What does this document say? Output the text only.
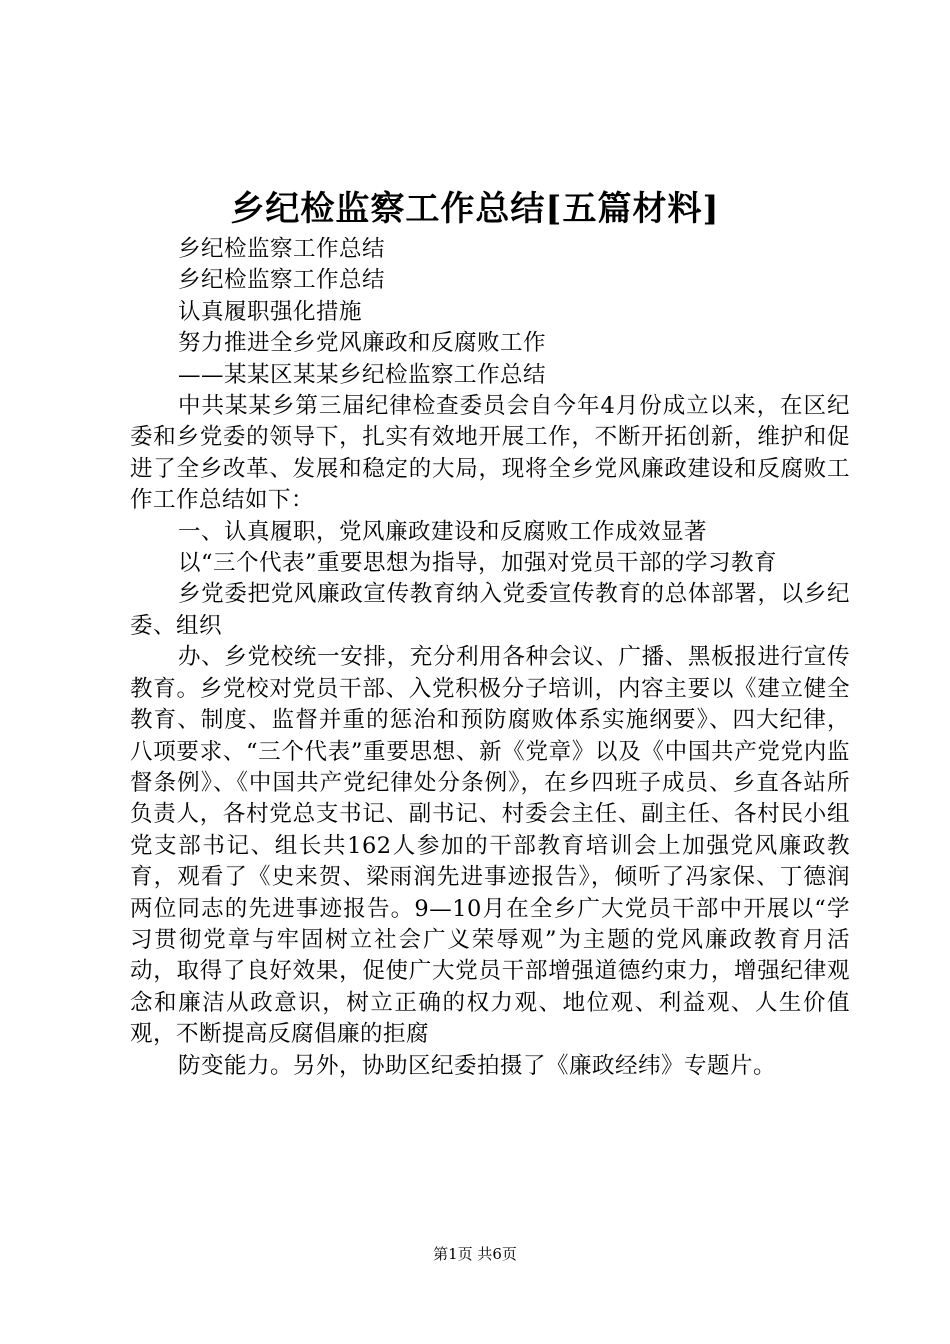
乡纪检监察工作总结[五篇材料]

乡纪检监察工作总结

乡纪检监察工作总结

认真履职强化措施

努力推进全乡党风廉政和反腐败工作

——某某区某某乡纪检监察工作总结

中共某某乡第三届纪律检查委员会自今年4月份成立以来，在区纪委和乡党委的领导下，扎实有效地开展工作，不断开拓创新，维护和促进了全乡改革、发展和稳定的大局，现将全乡党风廉政建设和反腐败工作工作总结如下：

一、认真履职，党风廉政建设和反腐败工作成效显著

以“三个代表”重要思想为指导，加强对党员干部的学习教育

乡党委把党风廉政宣传教育纳入党委宣传教育的总体部署，以乡纪委、组织

办、乡党校统一安排，充分利用各种会议、广播、黑板报进行宣传教育。乡党校对党员干部、入党积极分子培训，内容主要以《建立健全教育、制度、监督并重的惩治和预防腐败体系实施纲要》、四大纪律，八项要求、“三个代表”重要思想、新《党章》以及《中国共产党党内监督条例》、《中国共产党纪律处分条例》，在乡四班子成员、乡直各站所负责人，各村党总支书记、副书记、村委会主任、副主任、各村民小组党支部书记、组长共162人参加的干部教育培训会上加强党风廉政教育，观看了《史来贺、梁雨润先进事迹报告》，倾听了冯家保、丁德润两位同志的先进事迹报告。9—10月在全乡广大党员干部中开展以“学习贯彻党章与牢固树立社会广义荣辱观”为主题的党风廉政教育月活动，取得了良好效果，促使广大党员干部增强道德约束力，增强纪律观念和廉洁从政意识，树立正确的权力观、地位观、利益观、人生价值观，不断提高反腐倡廉的拒腐

防变能力。另外，协助区纪委拍摄了《廉政经纬》专题片。

第1页 共6页
